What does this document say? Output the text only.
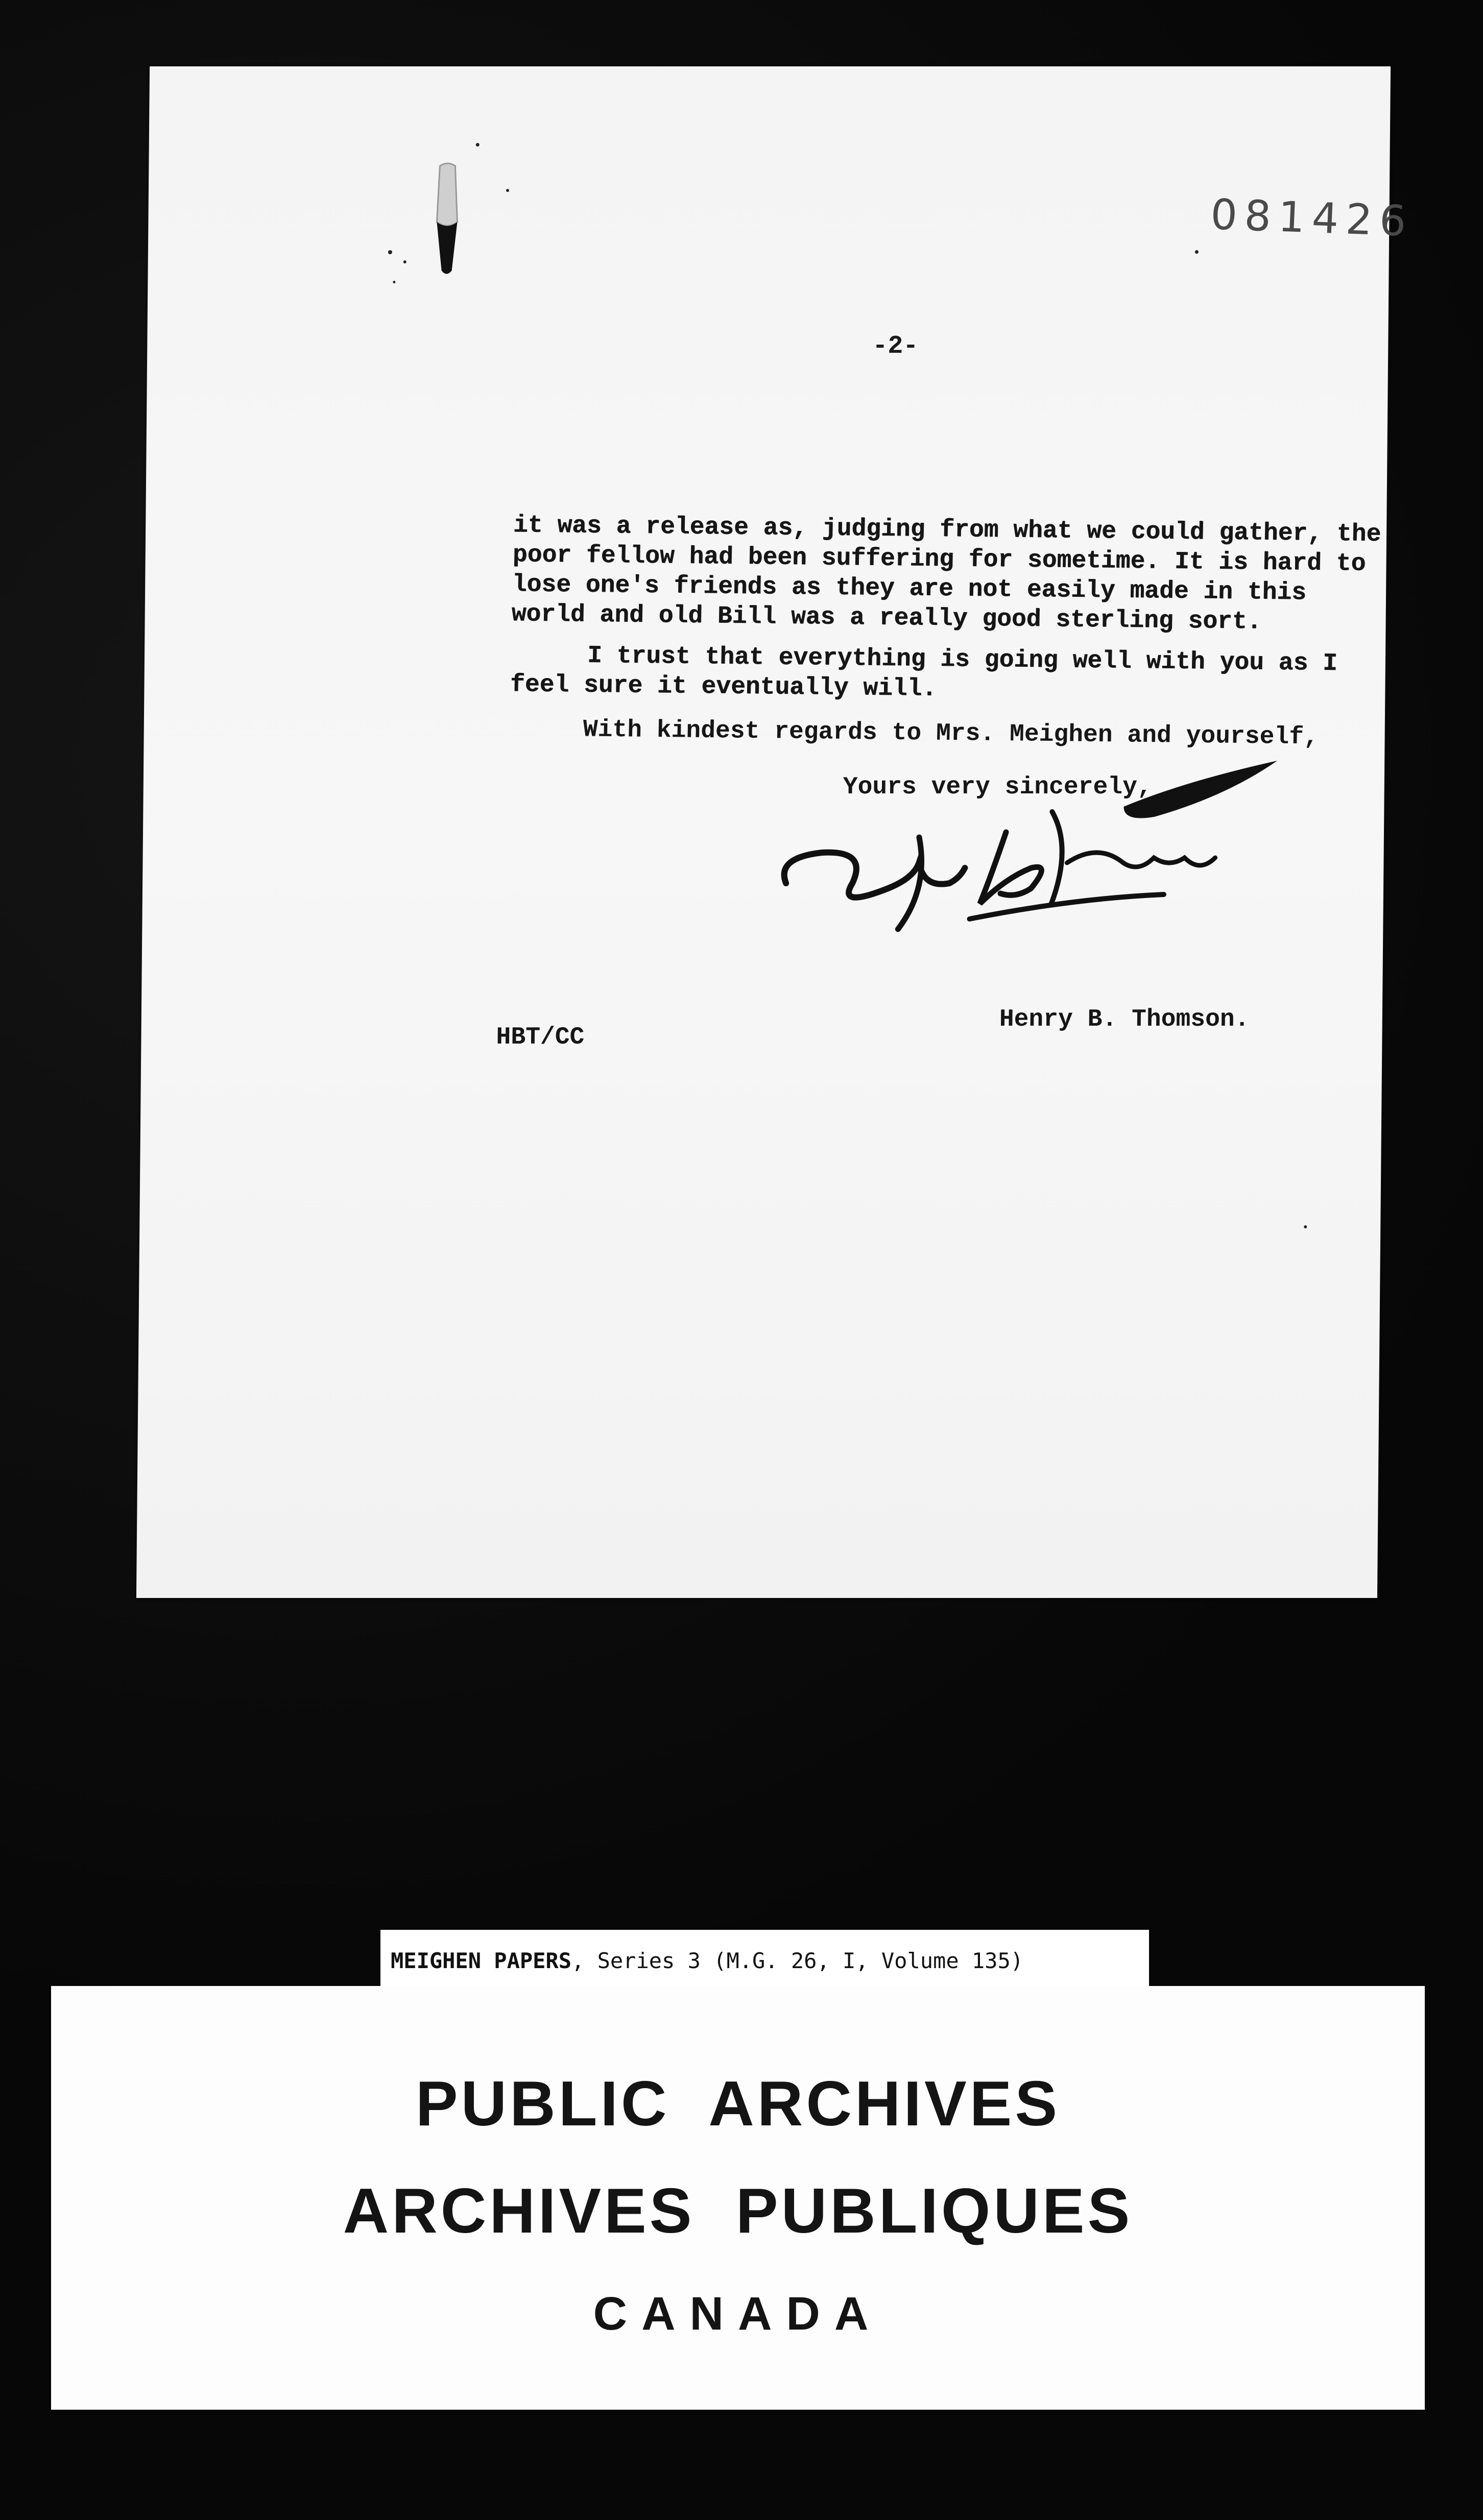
081426
-2-

it was a release as, judging from what we could gather, the poor fellow had been suffering for sometime. It is hard to lose one's friends as they are not easily made in this world and old Bill was a really good sterling sort.

I trust that everything is going well with you as I feel sure it eventually will.

With kindest regards to Mrs. Meighen and yourself,
Yours very sincerely,
Henry B. Thomson.
HBT/CC
MEIGHEN PAPERS, Series 3 (M.G. 26, I, Volume 135)
PUBLIC ARCHIVES
ARCHIVES PUBLIQUES
CANADA
